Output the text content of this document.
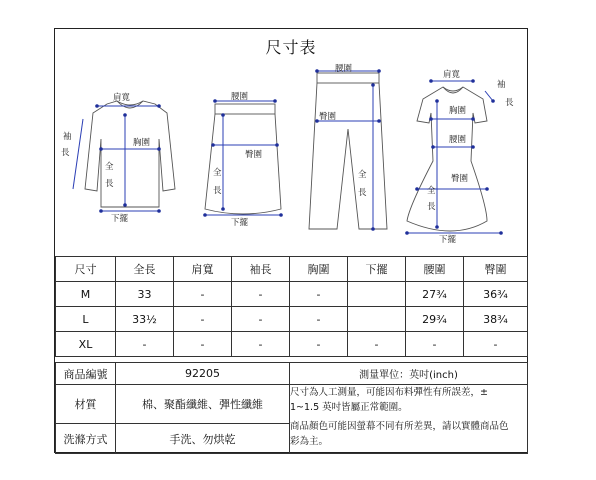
尺寸表
肩寬
袖
長
胸圍
全
長
下擺
腰圍
臀圍
全
長
下擺
腰圍
臀圍
全
長
肩寬
袖
長
胸圍
腰圍
臀圍
全
長
下擺
尺寸	全長	肩寬	袖長	胸圍	下擺	腰圍	臀圍
M	33	-	-	-		27¾	36¾
L	33½	-	-	-		29¾	38¾
XL	-	-	-	-	-	-	-
商品編號	92205	測量單位：英吋(inch)
材質	棉、聚酯纖維、彈性纖維	尺寸為人工測量，可能因布料彈性有所誤差，±
1~1.5 英吋皆屬正常範圍。
商品顏色可能因螢幕不同有所差異，請以實體商品色
彩為主。

洗滌方式	手洗、勿烘乾	
